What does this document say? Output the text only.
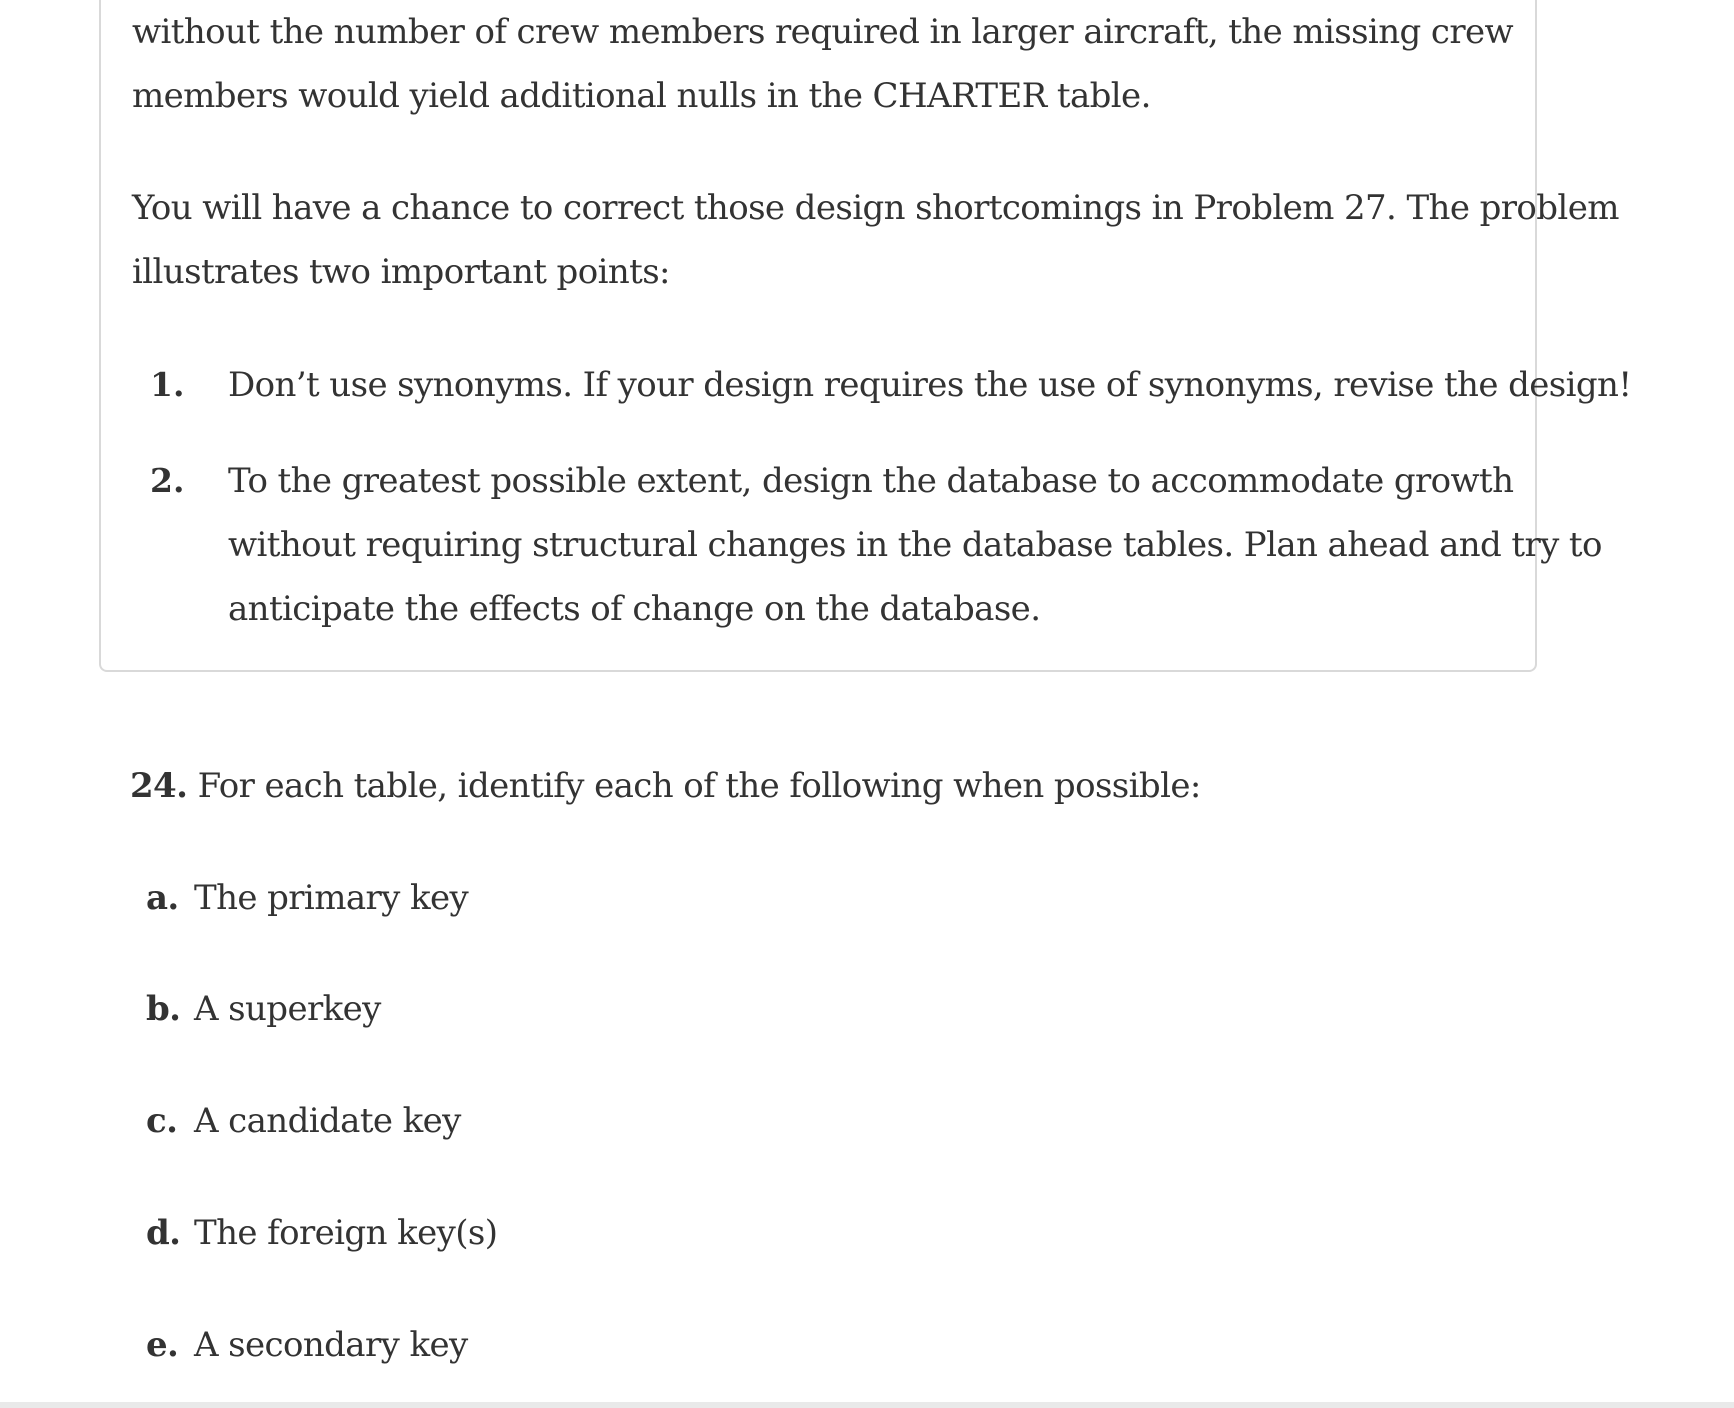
without the number of crew members required in larger aircraft, the missing crew
members would yield additional nulls in the CHARTER table.
You will have a chance to correct those design shortcomings in Problem 27. The problem
illustrates two important points:
1. Don’t use synonyms. If your design requires the use of synonyms, revise the design!
2. To the greatest possible extent, design the database to accommodate growth
without requiring structural changes in the database tables. Plan ahead and try to
anticipate the effects of change on the database.
24. For each table, identify each of the following when possible:
a. The primary key
b. A superkey
c. A candidate key
d. The foreign key(s)
e. A secondary key
